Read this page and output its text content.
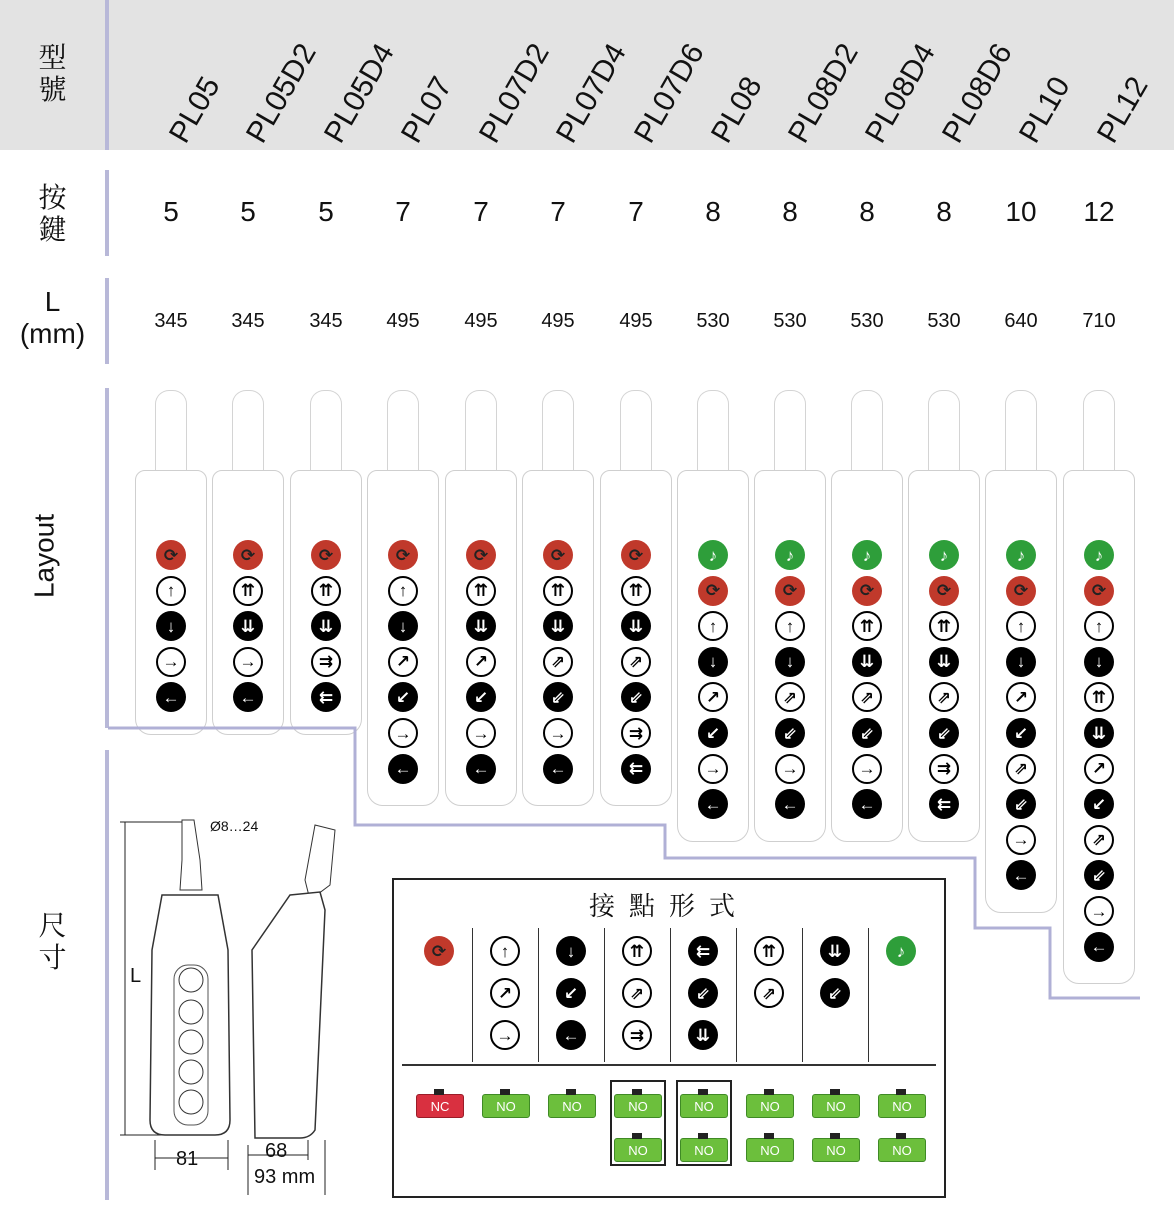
型號
按鍵
L
(mm)
Layout
尺寸
PL05
5
345
⟳
↑
↓
→
←
PL05D2
5
345
⟳
⇈
⇊
→
←
PL05D4
5
345
⟳
⇈
⇊
⇉
⇇
PL07
7
495
⟳
↑
↓
↗
↙
→
←
PL07D2
7
495
⟳
⇈
⇊
↗
↙
→
←
PL07D4
7
495
⟳
⇈
⇊
⇗
⇙
→
←
PL07D6
7
495
⟳
⇈
⇊
⇗
⇙
⇉
⇇
PL08
8
530
♪
⟳
↑
↓
↗
↙
→
←
PL08D2
8
530
♪
⟳
↑
↓
⇗
⇙
→
←
PL08D4
8
530
♪
⟳
⇈
⇊
⇗
⇙
→
←
PL08D6
8
530
♪
⟳
⇈
⇊
⇗
⇙
⇉
⇇
PL10
10
640
♪
⟳
↑
↓
↗
↙
⇗
⇙
→
←
PL12
12
710
♪
⟳
↑
↓
⇈
⇊
↗
↙
⇗
⇙
→
←
Ø8…24
L
81	68
93 mm
接點形式
⟳
NC
↑
↗
→
NO
↓
↙
←
NO
⇈
⇗
⇉
NO
NO
⇇
⇙
⇊
NO
NO
⇈
⇗
NO
NO
⇊
⇙
NO
NO
♪
NO
NO
